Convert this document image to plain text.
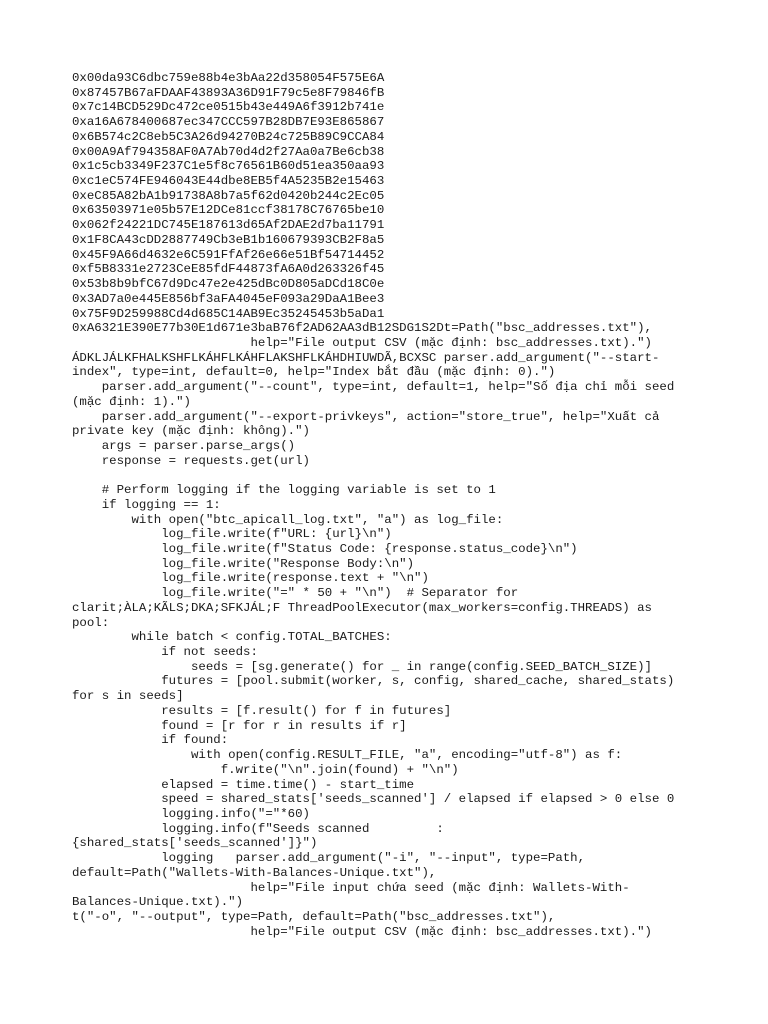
0x00da93C6dbc759e88b4e3bAa22d358054F575E6A
0x87457B67aFDAAF43893A36D91F79c5e8F79846fB
0x7c14BCD529Dc472ce0515b43e449A6f3912b741e
0xa16A678400687ec347CCC597B28DB7E93E865867
0x6B574c2C8eb5C3A26d94270B24c725B89C9CCA84
0x00A9Af794358AF0A7Ab70d4d2f27Aa0a7Be6cb38
0x1c5cb3349F237C1e5f8c76561B60d51ea350aa93
0xc1eC574FE946043E44dbe8EB5f4A5235B2e15463
0xeC85A82bA1b91738A8b7a5f62d0420b244c2Ec05
0x63503971e05b57E12DCe81ccf38178C76765be10
0x062f24221DC745E187613d65Af2DAE2d7ba11791
0x1F8CA43cDD2887749Cb3eB1b160679393CB2F8a5
0x45F9A66d4632e6C591FfAf26e66e51Bf54714452
0xf5B8331e2723CeE85fdF44873fA6A0d263326f45
0x53b8b9bfC67d9Dc47e2e425dBc0D805aDCd18C0e
0x3AD7a0e445E856bf3aFA4045eF093a29DaA1Bee3
0x75F9D259988Cd4d685C14AB9Ec35245453b5aDa1
0xA6321E390E77b30E1d671e3baB76f2AD62AA3dB12SDG1S2Dt=Path("bsc_addresses.txt"),
help="File output CSV (mặc định: bsc_addresses.txt).")
ÁDKLJÁLKFHALKSHFLKÁHFLKÁHFLAKSHFLKÁHDHIUWDÃ,BCXSC parser.add_argument("--start-
index", type=int, default=0, help="Index bắt đầu (mặc định: 0).")
parser.add_argument("--count", type=int, default=1, help="Số địa chỉ mỗi seed
(mặc định: 1).")
parser.add_argument("--export-privkeys", action="store_true", help="Xuất cả
private key (mặc định: không).")
args = parser.parse_args()
response = requests.get(url)
# Perform logging if the logging variable is set to 1
if logging == 1:
with open("btc_apicall_log.txt", "a") as log_file:
log_file.write(f"URL: {url}\n")
log_file.write(f"Status Code: {response.status_code}\n")
log_file.write("Response Body:\n")
log_file.write(response.text + "\n")
log_file.write("=" * 50 + "\n")  # Separator for
clarit;ÀLA;KÃLS;DKA;SFKJÁL;F ThreadPoolExecutor(max_workers=config.THREADS) as
pool:
while batch < config.TOTAL_BATCHES:
if not seeds:
seeds = [sg.generate() for _ in range(config.SEED_BATCH_SIZE)]
futures = [pool.submit(worker, s, config, shared_cache, shared_stats)
for s in seeds]
results = [f.result() for f in futures]
found = [r for r in results if r]
if found:
with open(config.RESULT_FILE, "a", encoding="utf-8") as f:
f.write("\n".join(found) + "\n")
elapsed = time.time() - start_time
speed = shared_stats['seeds_scanned'] / elapsed if elapsed > 0 else 0
logging.info("="*60)
logging.info(f"Seeds scanned         :
{shared_stats['seeds_scanned']}")
logging   parser.add_argument("-i", "--input", type=Path,
default=Path("Wallets-With-Balances-Unique.txt"),
help="File input chứa seed (mặc định: Wallets-With-
Balances-Unique.txt).")
t("-o", "--output", type=Path, default=Path("bsc_addresses.txt"),
help="File output CSV (mặc định: bsc_addresses.txt).")
